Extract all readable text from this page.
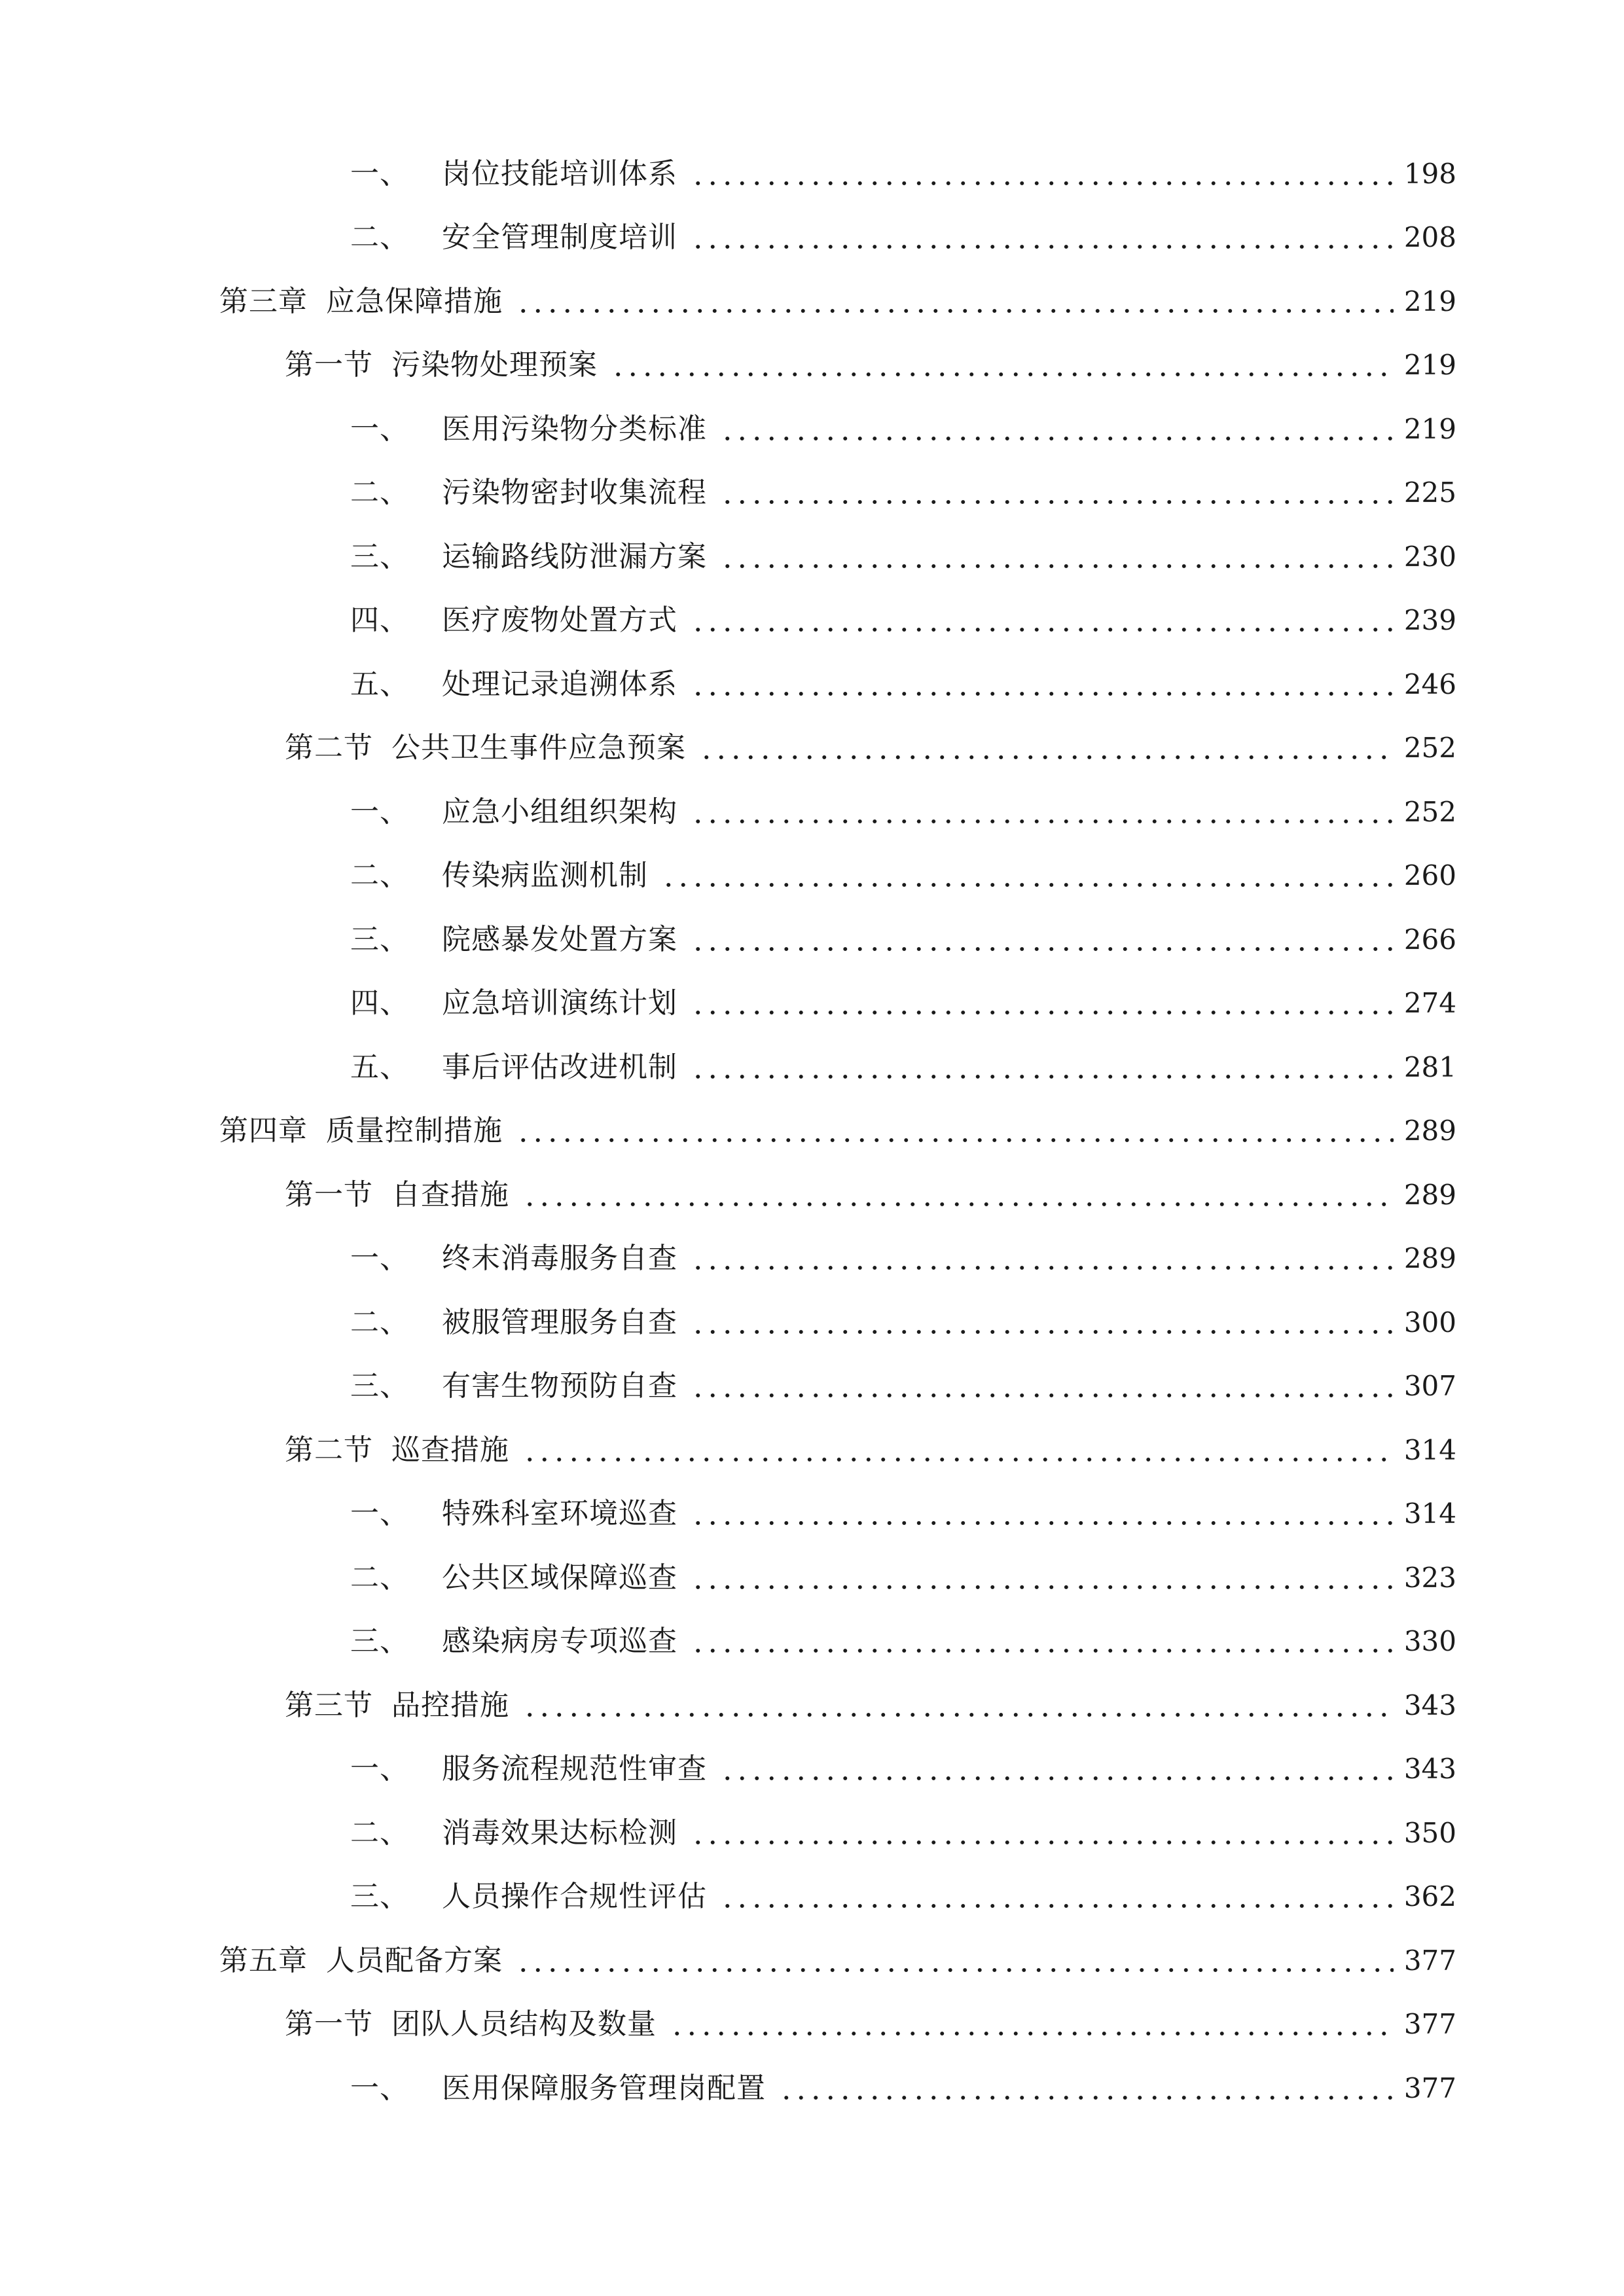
一、 岗位技能培训体系	198
二、 安全管理制度培训	208
第三章 应急保障措施	219
第一节 污染物处理预案	219
一、 医用污染物分类标准	219
二、 污染物密封收集流程	225
三、 运输路线防泄漏方案	230
四、 医疗废物处置方式	239
五、 处理记录追溯体系	246
第二节 公共卫生事件应急预案	252
一、 应急小组组织架构	252
二、 传染病监测机制	260
三、 院感暴发处置方案	266
四、 应急培训演练计划	274
五、 事后评估改进机制	281
第四章 质量控制措施	289
第一节 自查措施	289
一、 终末消毒服务自查	289
二、 被服管理服务自查	300
三、 有害生物预防自查	307
第二节 巡查措施	314
一、 特殊科室环境巡查	314
二、 公共区域保障巡查	323
三、 感染病房专项巡查	330
第三节 品控措施	343
一、 服务流程规范性审查	343
二、 消毒效果达标检测	350
三、 人员操作合规性评估	362
第五章 人员配备方案	377
第一节 团队人员结构及数量	377
一、 医用保障服务管理岗配置	377
